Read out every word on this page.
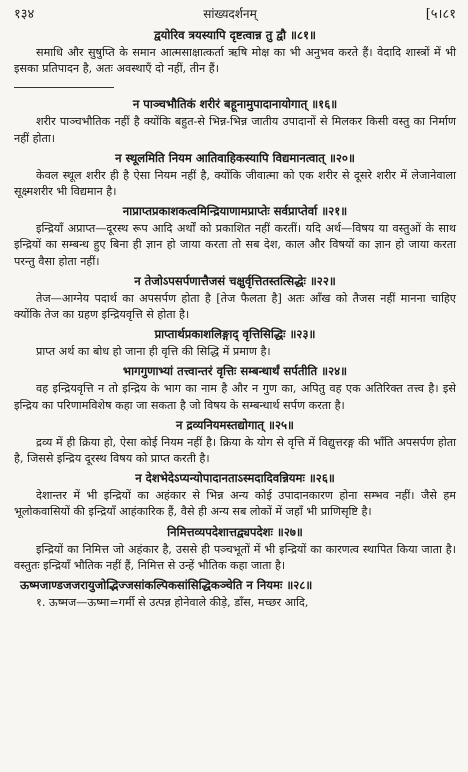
१३४	सांख्यदर्शनम्	[५।८१
द्वयोरिव त्रयस्यापि दृष्टत्वान्न तु द्वौ ॥८१॥

समाधि और सुषुप्ति के समान आत्मसाक्षात्कर्ता ऋषि मोक्ष का भी अनुभव करते हैं। वेदादि शास्त्रों में भी इसका प्रतिपादन है, अतः अवस्थाएँ दो नहीं, तीन हैं।

न पाञ्चभौतिकं शरीरं बहूनामुपादानायोगात् ॥१६॥

शरीर पाञ्चभौतिक नहीं है क्योंकि बहुत-से भिन्न-भिन्न जातीय उपादानों से मिलकर किसी वस्तु का निर्माण नहीं होता।

न स्थूलमिति नियम आतिवाहिकस्यापि विद्यमानत्वात् ॥२०॥

केवल स्थूल शरीर ही है ऐसा नियम नहीं है, क्योंकि जीवात्मा को एक शरीर से दूसरे शरीर में लेजानेवाला सूक्ष्मशरीर भी विद्यमान है।

नाप्राप्तप्रकाशकत्वमिन्द्रियाणामप्राप्तेः सर्वप्राप्तेर्वा ॥२१॥

इन्द्रियाँ अप्राप्त—दूरस्थ रूप आदि अर्थों को प्रकाशित नहीं करतीं। यदि अर्थ—विषय या वस्तुओं के साथ इन्द्रियों का सम्बन्ध हुए बिना ही ज्ञान हो जाया करता तो सब देश, काल और विषयों का ज्ञान हो जाया करता परन्तु वैसा होता नहीं।

न तेजोऽपसर्पणात्तैजसं चक्षुर्वृत्तितस्तत्सिद्धेः ॥२२॥

तेज—आग्नेय पदार्थ का अपसर्पण होता है [तेज फैलता है] अतः आँख को तैजस नहीं मानना चाहिए क्योंकि तेज का ग्रहण इन्द्रियवृत्ति से होता है।

प्राप्तार्थप्रकाशलिङ्गाद् वृत्तिसिद्धिः ॥२३॥

प्राप्त अर्थ का बोध हो जाना ही वृत्ति की सिद्धि में प्रमाण है।

भागगुणाभ्यां तत्त्वान्तरं वृत्तिः सम्बन्धार्थं सर्पतीति ॥२४॥

वह इन्द्रियवृत्ति न तो इन्द्रिय के भाग का नाम है और न गुण का, अपितु वह एक अतिरिक्त तत्त्व है। इसे इन्द्रिय का परिणामविशेष कहा जा सकता है जो विषय के सम्बन्धार्थ सर्पण करता है।

न द्रव्यनियमस्तद्योगात् ॥२५॥

द्रव्य में ही क्रिया हो, ऐसा कोई नियम नहीं है। क्रिया के योग से वृत्ति में विद्युत्तरङ्ग की भाँति अपसर्पण होता है, जिससे इन्द्रिय दूरस्थ विषय को प्राप्त करती है।

न देशभेदेऽप्यन्योपादानताऽस्मदादिवन्नियमः ॥२६॥

देशान्तर में भी इन्द्रियों का अहंकार से भिन्न अन्य कोई उपादानकारण होना सम्भव नहीं। जैसे हम भूलोकवासियों की इन्द्रियाँ आहंकारिक हैं, वैसे ही अन्य सब लोकों में जहाँ भी प्राणिसृष्टि है।

निमित्तव्यपदेशात्तद्व्यपदेशः ॥२७॥

इन्द्रियों का निमित्त जो अहंकार है, उससे ही पञ्चभूतों में भी इन्द्रियों का कारणत्व स्थापित किया जाता है। वस्तुतः इन्द्रियाँ भौतिक नहीं हैं, निमित्त से उन्हें भौतिक कहा जाता है।

ऊष्मजाण्डजजरायुजोद्भिज्जसांकल्पिकसांसिद्धिकञ्चेति न नियमः ॥२८॥

१. ऊष्मज—ऊष्मा=गर्मी से उत्पन्न होनेवाले कीड़े, डाँस, मच्छर आदि,
